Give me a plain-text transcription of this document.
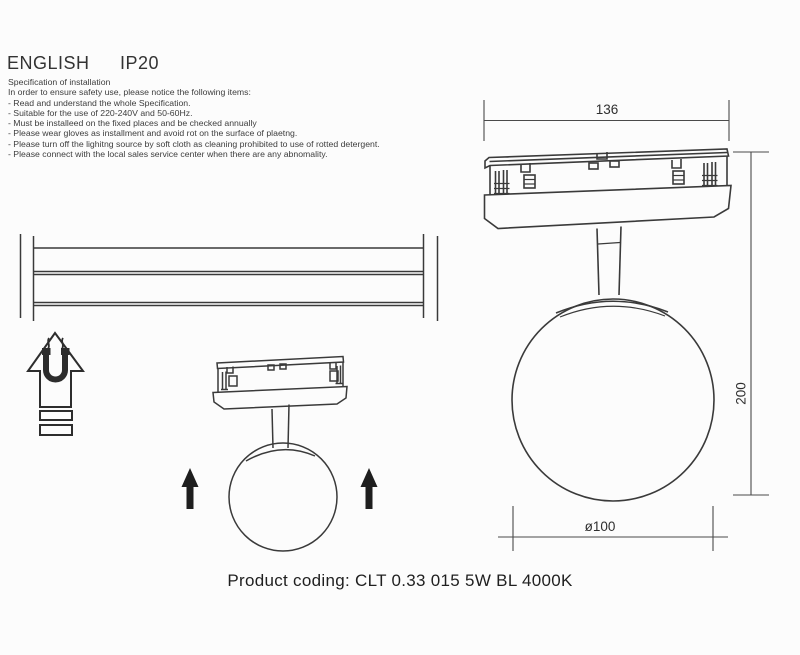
ENGLISH IP20
Specification of installation
In order to ensure safety use, please notice the following items:
- Read and understand the whole Specification.
- Suitable for the use of 220-240V and 50-60Hz.
- Must be installeed on the fixed places and be checked annually
- Please wear gloves as installment and avoid rot on the surface of plaetng.
- Please turn off the lighitng source by soft cloth as cleaning prohibited to use of rotted detergent.
- Please connect with the local sales service center when there are any abnomality.
136
200
ø100
Product coding: CLT 0.33 015 5W BL 4000K
